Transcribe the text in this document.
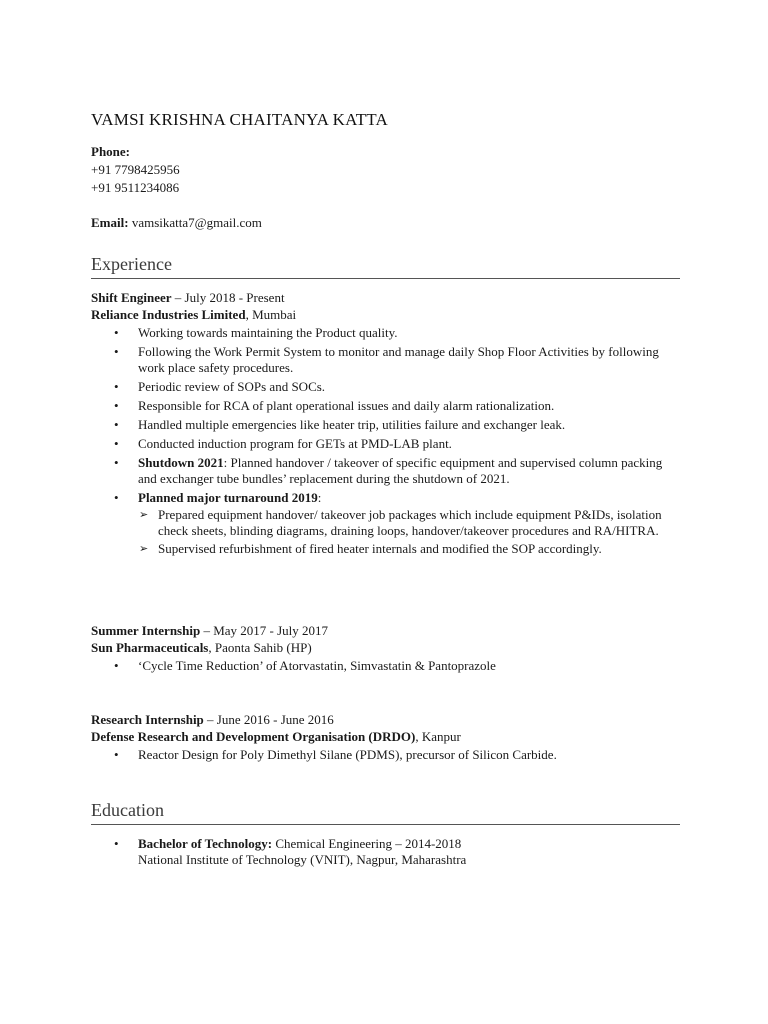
VAMSI KRISHNA CHAITANYA KATTA
Phone:
+91 7798425956
+91 9511234086
Email: vamsikatta7@gmail.com
Experience
Shift Engineer – July 2018 - Present
Reliance Industries Limited, Mumbai
• Working towards maintaining the Product quality.
• Following the Work Permit System to monitor and manage daily Shop Floor Activities by following work place safety procedures.
• Periodic review of SOPs and SOCs.
• Responsible for RCA of plant operational issues and daily alarm rationalization.
• Handled multiple emergencies like heater trip, utilities failure and exchanger leak.
• Conducted induction program for GETs at PMD-LAB plant.
• Shutdown 2021: Planned handover / takeover of specific equipment and supervised column packing and exchanger tube bundles’ replacement during the shutdown of 2021.
• Planned major turnaround 2019:
➢ Prepared equipment handover/ takeover job packages which include equipment P&IDs, isolation check sheets, blinding diagrams, draining loops, handover/takeover procedures and RA/HITRA.
➢ Supervised refurbishment of fired heater internals and modified the SOP accordingly.
Summer Internship – May 2017 - July 2017
Sun Pharmaceuticals, Paonta Sahib (HP)
• ‘Cycle Time Reduction’ of Atorvastatin, Simvastatin & Pantoprazole
Research Internship – June 2016 - June 2016
Defense Research and Development Organisation (DRDO), Kanpur
• Reactor Design for Poly Dimethyl Silane (PDMS), precursor of Silicon Carbide.
Education
• Bachelor of Technology: Chemical Engineering – 2014-2018
National Institute of Technology (VNIT), Nagpur, Maharashtra
